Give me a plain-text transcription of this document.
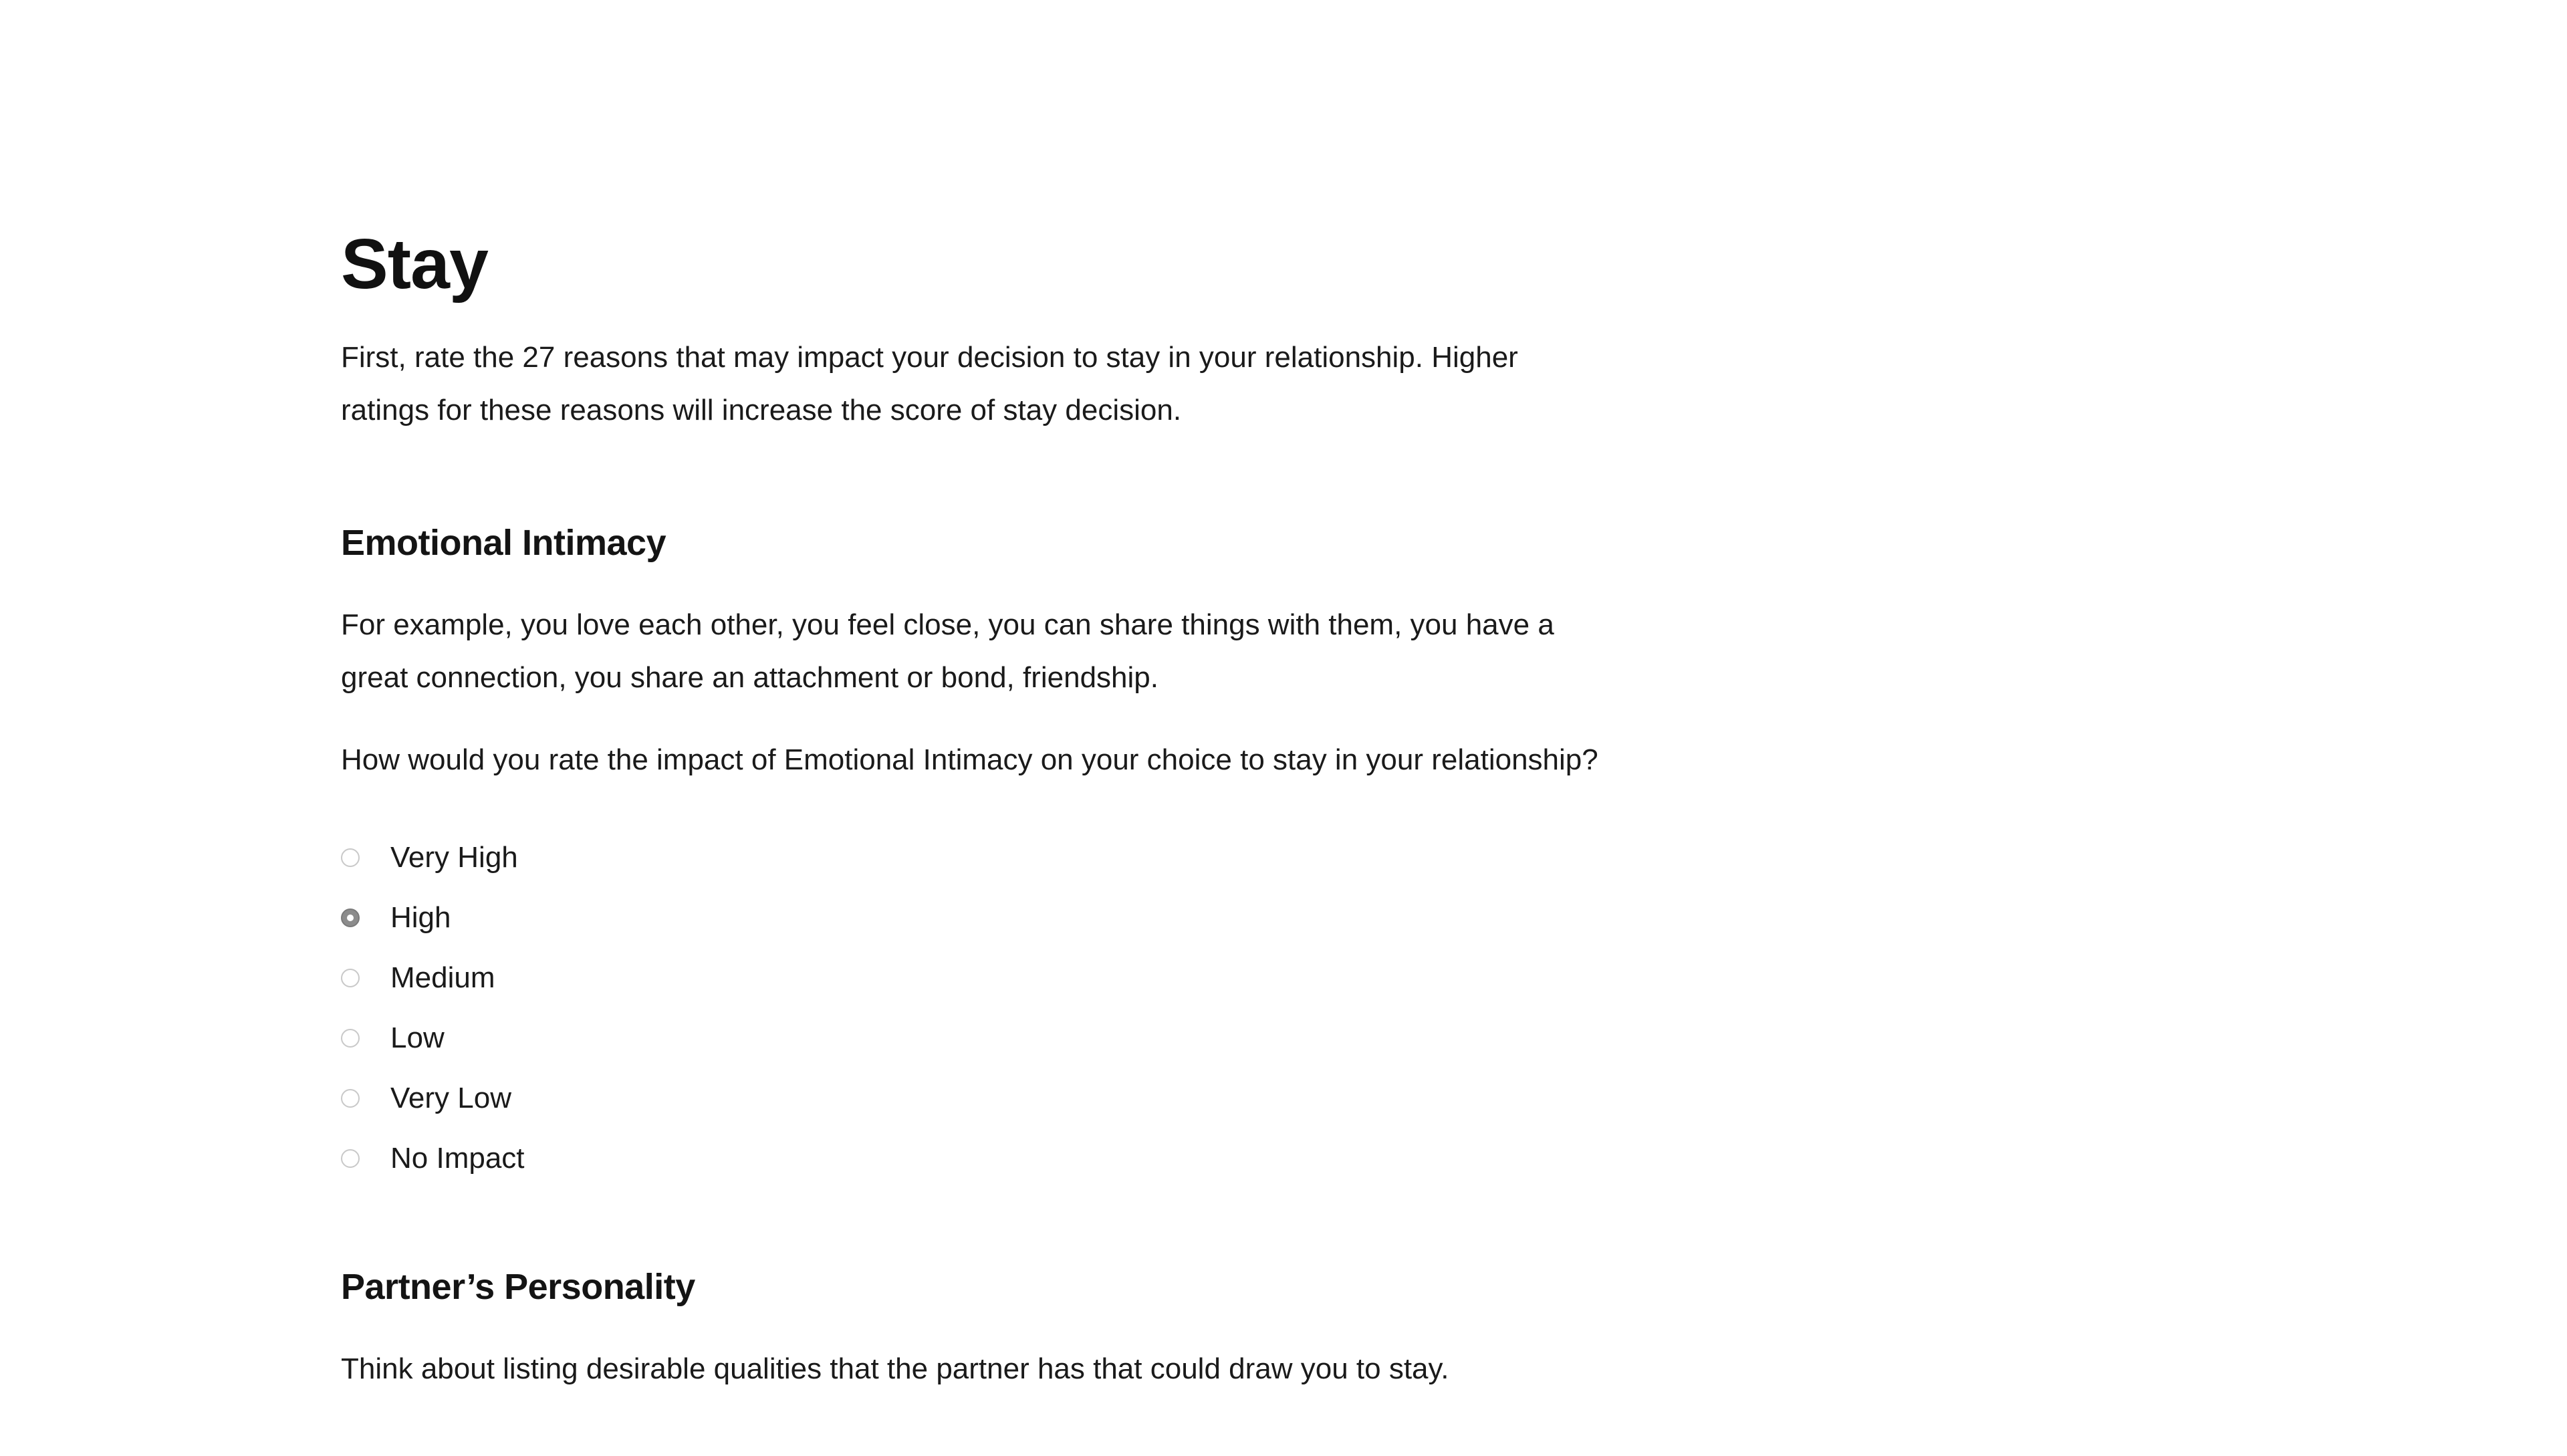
Stay

First, rate the 27 reasons that may impact your decision to stay in your relationship. Higher ratings for these reasons will increase the score of stay decision.

Emotional Intimacy

For example, you love each other, you feel close, you can share things with them, you have a great connection, you share an attachment or bond, friendship.

How would you rate the impact of Emotional Intimacy on your choice to stay in your relationship?

Very High
High
Medium
Low
Very Low
No Impact
Partner’s Personality

Think about listing desirable qualities that the partner has that could draw you to stay.
